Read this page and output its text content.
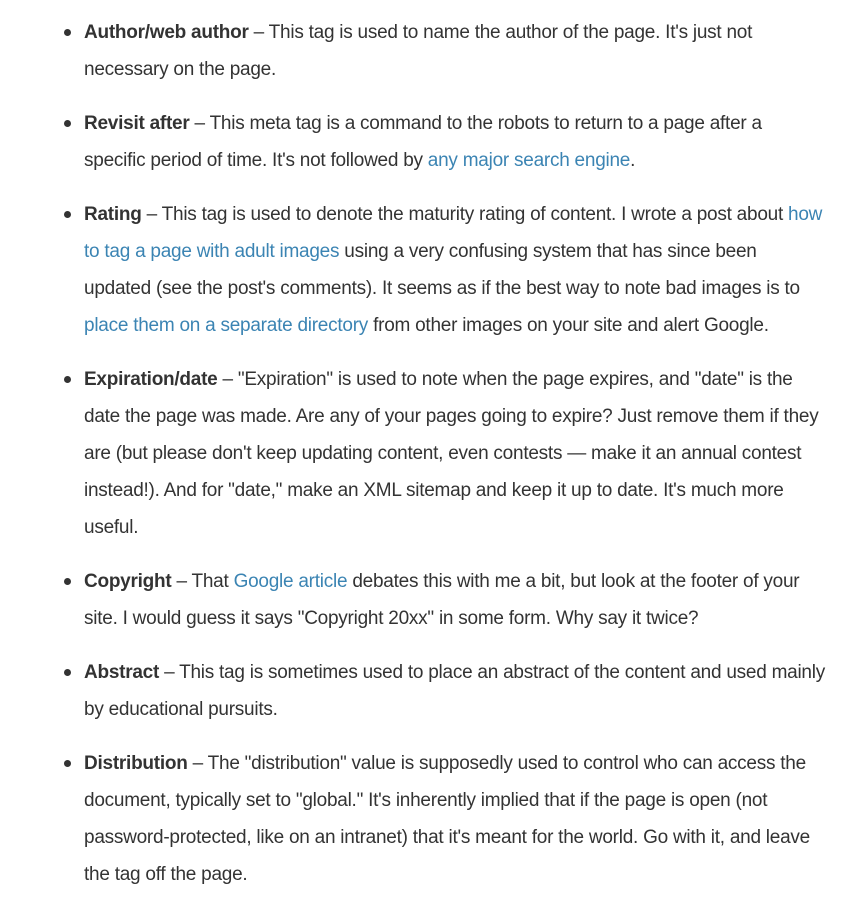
Author/web author – This tag is used to name the author of the page. It's just not necessary on the page.
Revisit after – This meta tag is a command to the robots to return to a page after a specific period of time. It's not followed by any major search engine.
Rating – This tag is used to denote the maturity rating of content. I wrote a post about how to tag a page with adult images using a very confusing system that has since been updated (see the post's comments). It seems as if the best way to note bad images is to place them on a separate directory from other images on your site and alert Google.
Expiration/date – "Expiration" is used to note when the page expires, and "date" is the date the page was made. Are any of your pages going to expire? Just remove them if they are (but please don't keep updating content, even contests — make it an annual contest instead!). And for "date," make an XML sitemap and keep it up to date. It's much more useful.
Copyright – That Google article debates this with me a bit, but look at the footer of your site. I would guess it says "Copyright 20xx" in some form. Why say it twice?
Abstract – This tag is sometimes used to place an abstract of the content and used mainly by educational pursuits.
Distribution – The "distribution" value is supposedly used to control who can access the document, typically set to "global." It's inherently implied that if the page is open (not password-protected, like on an intranet) that it's meant for the world. Go with it, and leave the tag off the page.
